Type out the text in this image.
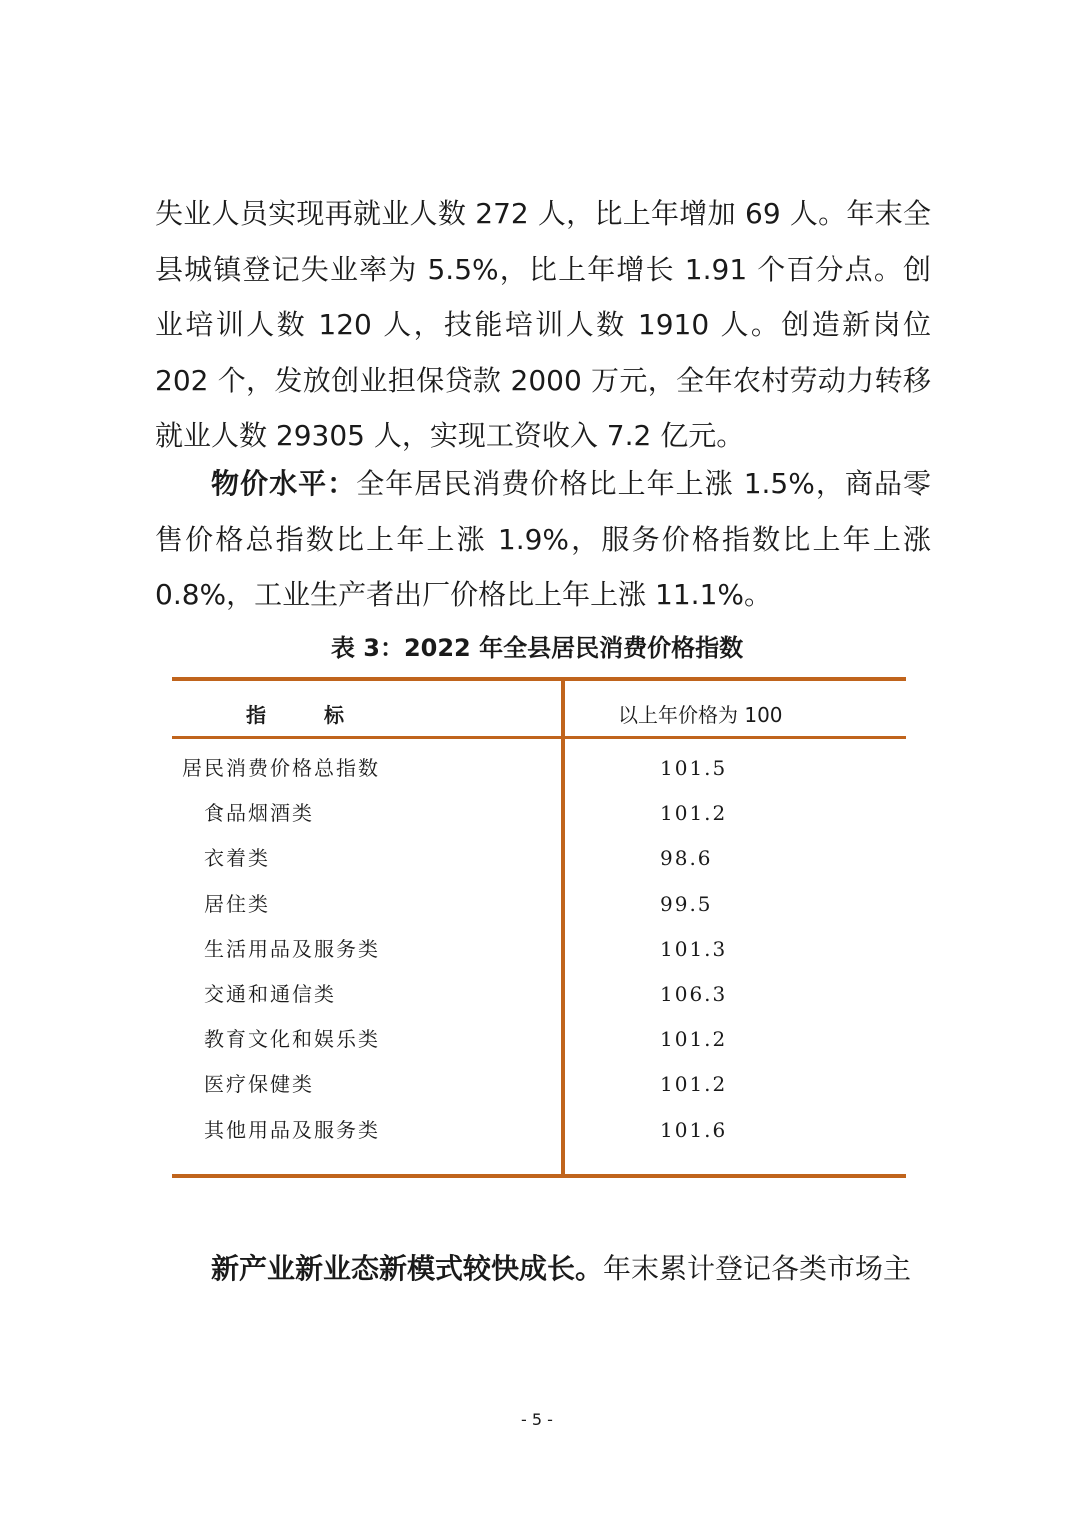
失业人员实现再就业人数 272 人，比上年增加 69 人。年末全县城镇登记失业率为 5.5%，比上年增长 1.91 个百分点。创业培训人数 120 人，技能培训人数 1910 人。创造新岗位 202 个，发放创业担保贷款 2000 万元，全年农村劳动力转移就业人数 29305 人，实现工资收入 7.2 亿元。

物价水平：全年居民消费价格比上年上涨 1.5%，商品零售价格总指数比上年上涨 1.9%，服务价格指数比上年上涨 0.8%，工业生产者出厂价格比上年上涨 11.1%。

表 3：2022 年全县居民消费价格指数

指标	以上年价格为 100

居民消费价格总指数	101.5
食品烟酒类	101.2
衣着类	98.6
居住类	99.5
生活用品及服务类	101.3
交通和通信类	106.3
教育文化和娱乐类	101.2
医疗保健类	101.2
其他用品及服务类	101.6

新产业新业态新模式较快成长。年末累计登记各类市场主

- 5 -
